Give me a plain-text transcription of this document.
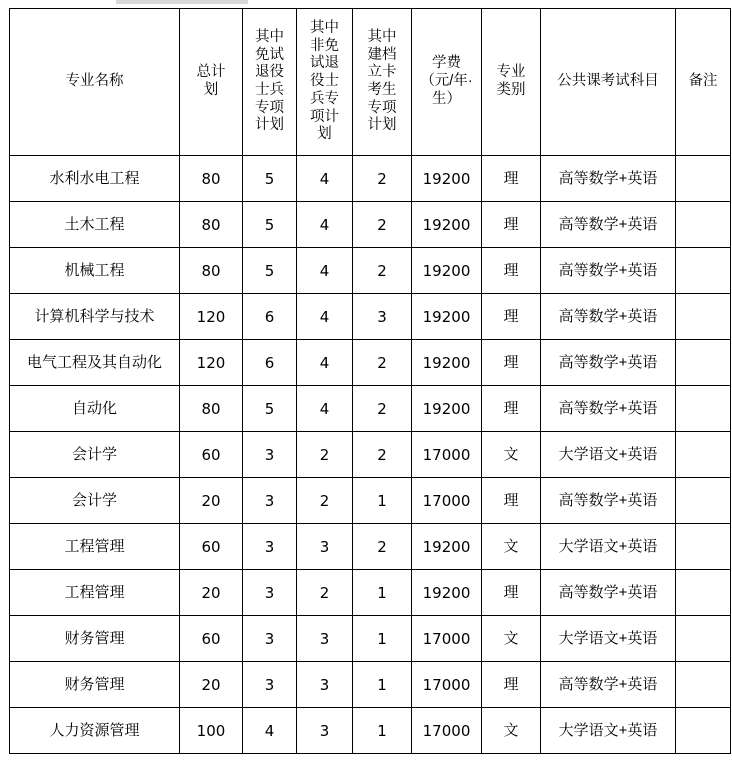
专业名称	总计划	其中免试退役士兵专项计划	其中非免试退役士兵专项计划	其中建档立卡考生专项计划	学费（元/年·生）	专业类别	公共课考试科目	备注

水利水电工程	80	5	4	2	19200	理	高等数学+英语	
土木工程	80	5	4	2	19200	理	高等数学+英语	
机械工程	80	5	4	2	19200	理	高等数学+英语	
计算机科学与技术	120	6	4	3	19200	理	高等数学+英语	
电气工程及其自动化	120	6	4	2	19200	理	高等数学+英语	
自动化	80	5	4	2	19200	理	高等数学+英语	
会计学	60	3	2	2	17000	文	大学语文+英语	
会计学	20	3	2	1	17000	理	高等数学+英语	
工程管理	60	3	3	2	19200	文	大学语文+英语	
工程管理	20	3	2	1	19200	理	高等数学+英语	
财务管理	60	3	3	1	17000	文	大学语文+英语	
财务管理	20	3	3	1	17000	理	高等数学+英语	
人力资源管理	100	4	3	1	17000	文	大学语文+英语	
